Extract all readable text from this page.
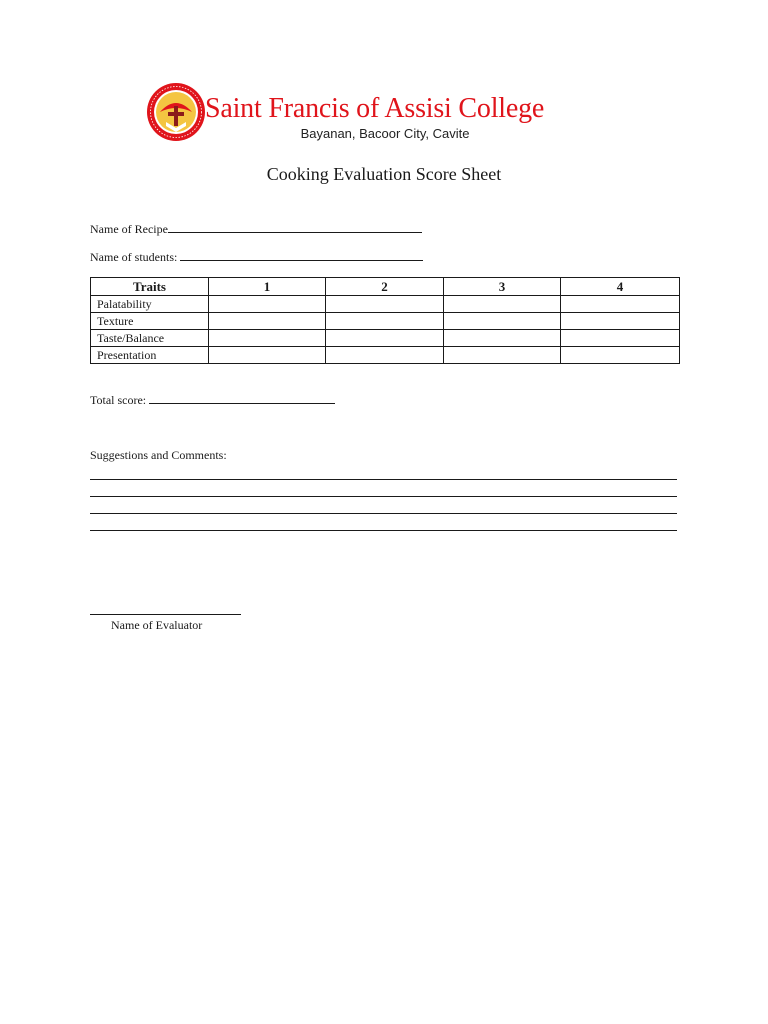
Saint Francis of Assisi College
Bayanan, Bacoor City, Cavite
Cooking Evaluation Score Sheet
Name of Recipe
Name of students:
Traits	1	2	3	4
Palatability				
Texture				
Taste/Balance				
Presentation				
Total score:
Suggestions and Comments:
Name of Evaluator
